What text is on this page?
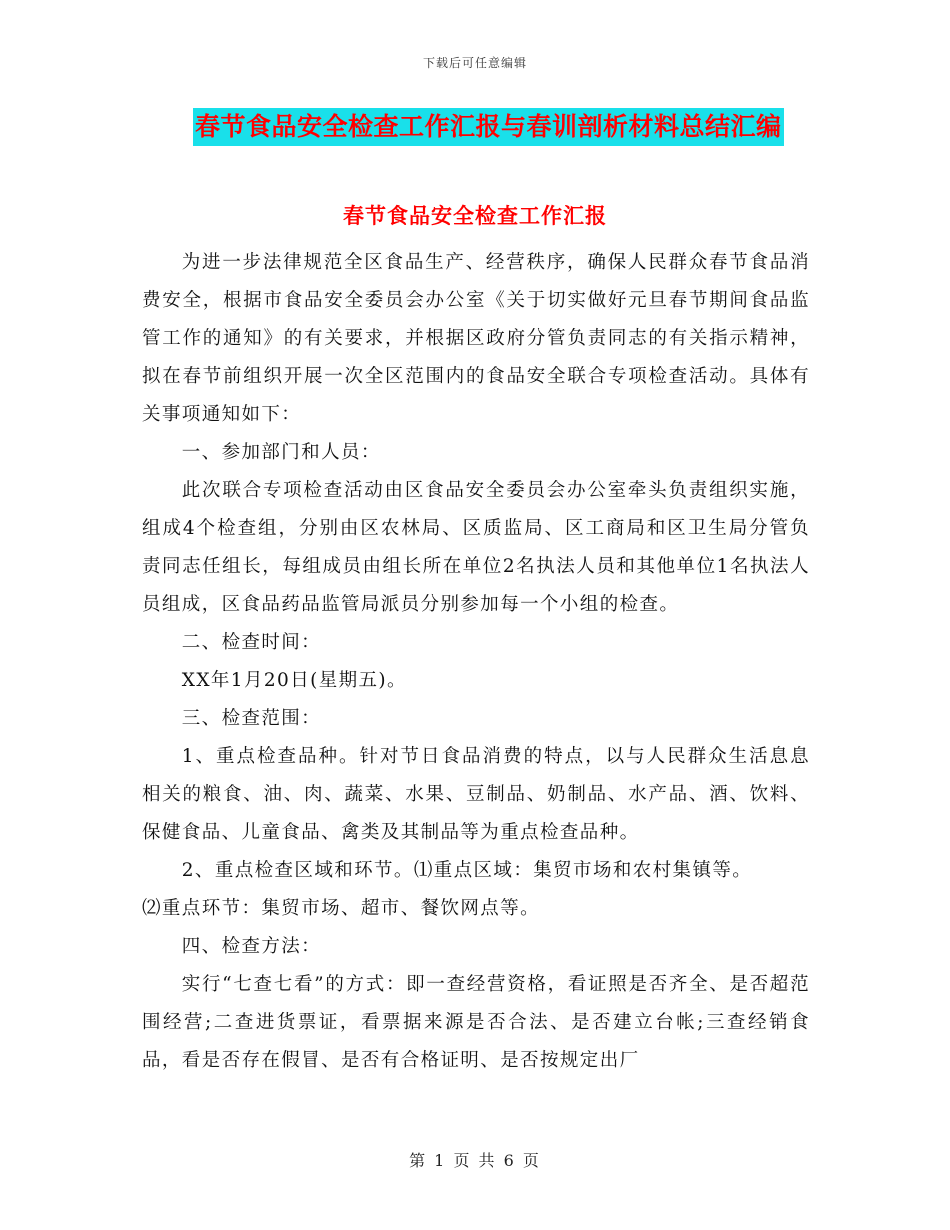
下载后可任意编辑
春节食品安全检查工作汇报与春训剖析材料总结汇编
春节食品安全检查工作汇报

为进一步法律规范全区食品生产、经营秩序，确保人民群众春节食品消费安全，根据市食品安全委员会办公室《关于切实做好元旦春节期间食品监管工作的通知》的有关要求，并根据区政府分管负责同志的有关指示精神，拟在春节前组织开展一次全区范围内的食品安全联合专项检查活动。具体有关事项通知如下：

一、参加部门和人员：

此次联合专项检查活动由区食品安全委员会办公室牵头负责组织实施，组成4个检查组，分别由区农林局、区质监局、区工商局和区卫生局分管负责同志任组长，每组成员由组长所在单位2名执法人员和其他单位1名执法人员组成，区食品药品监管局派员分别参加每一个小组的检查。

二、检查时间：

XX年1月20日(星期五)。

三、检查范围：

1、重点检查品种。针对节日食品消费的特点，以与人民群众生活息息相关的粮食、油、肉、蔬菜、水果、豆制品、奶制品、水产品、酒、饮料、保健食品、儿童食品、禽类及其制品等为重点检查品种。

2、重点检查区域和环节。⑴重点区域：集贸市场和农村集镇等。

⑵重点环节：集贸市场、超市、餐饮网点等。

四、检查方法：

实行“七查七看”的方式：即一查经营资格，看证照是否齐全、是否超范围经营;二查进货票证，看票据来源是否合法、是否建立台帐;三查经销食品，看是否存在假冒、是否有合格证明、是否按规定出厂

第 1 页 共 6 页
